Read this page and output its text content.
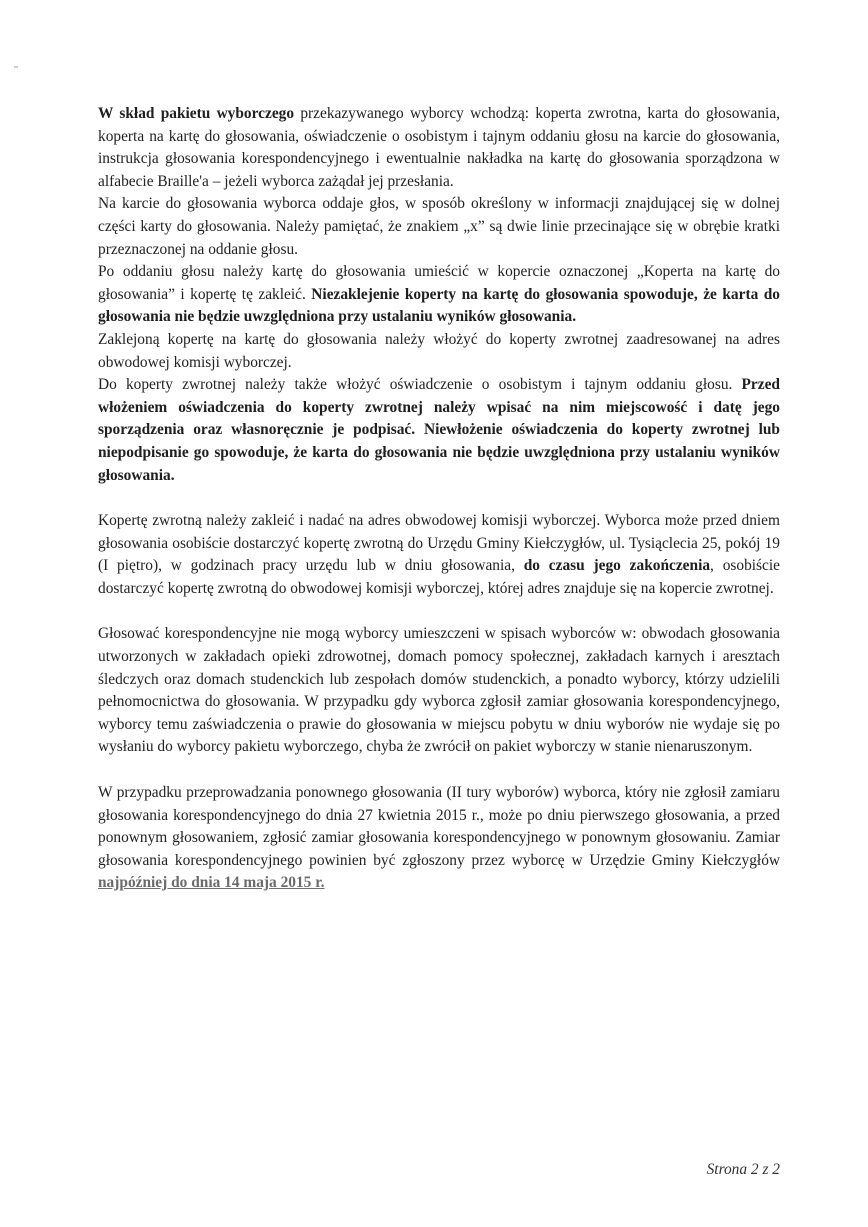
W skład pakietu wyborczego przekazywanego wyborcy wchodzą: koperta zwrotna, karta do głosowania, koperta na kartę do głosowania, oświadczenie o osobistym i tajnym oddaniu głosu na karcie do głosowania, instrukcja głosowania korespondencyjnego i ewentualnie nakładka na kartę do głosowania sporządzona w alfabecie Braille'a – jeżeli wyborca zażądał jej przesłania.

Na karcie do głosowania wyborca oddaje głos, w sposób określony w informacji znajdującej się w dolnej części karty do głosowania. Należy pamiętać, że znakiem „x” są dwie linie przecinające się w obrębie kratki przeznaczonej na oddanie głosu.

Po oddaniu głosu należy kartę do głosowania umieścić w kopercie oznaczonej „Koperta na kartę do głosowania” i kopertę tę zakleić. Niezaklejenie koperty na kartę do głosowania spowoduje, że karta do głosowania nie będzie uwzględniona przy ustalaniu wyników głosowania.

Zaklejoną kopertę na kartę do głosowania należy włożyć do koperty zwrotnej zaadresowanej na adres obwodowej komisji wyborczej.

Do koperty zwrotnej należy także włożyć oświadczenie o osobistym i tajnym oddaniu głosu. Przed włożeniem oświadczenia do koperty zwrotnej należy wpisać na nim miejscowość i datę jego sporządzenia oraz własnoręcznie je podpisać. Niewłożenie oświadczenia do koperty zwrotnej lub niepodpisanie go spowoduje, że karta do głosowania nie będzie uwzględniona przy ustalaniu wyników głosowania.

Kopertę zwrotną należy zakleić i nadać na adres obwodowej komisji wyborczej. Wyborca może przed dniem głosowania osobiście dostarczyć kopertę zwrotną do Urzędu Gminy Kiełczygłów, ul. Tysiąclecia 25, pokój 19 (I piętro), w godzinach pracy urzędu lub w dniu głosowania, do czasu jego zakończenia, osobiście dostarczyć kopertę zwrotną do obwodowej komisji wyborczej, której adres znajduje się na kopercie zwrotnej.

Głosować korespondencyjne nie mogą wyborcy umieszczeni w spisach wyborców w: obwodach głosowania utworzonych w zakładach opieki zdrowotnej, domach pomocy społecznej, zakładach karnych i aresztach śledczych oraz domach studenckich lub zespołach domów studenckich, a ponadto wyborcy, którzy udzielili pełnomocnictwa do głosowania. W przypadku gdy wyborca zgłosił zamiar głosowania korespondencyjnego, wyborcy temu zaświadczenia o prawie do głosowania w miejscu pobytu w dniu wyborów nie wydaje się po wysłaniu do wyborcy pakietu wyborczego, chyba że zwrócił on pakiet wyborczy w stanie nienaruszonym.

W przypadku przeprowadzania ponownego głosowania (II tury wyborów) wyborca, który nie zgłosił zamiaru głosowania korespondencyjnego do dnia 27 kwietnia 2015 r., może po dniu pierwszego głosowania, a przed ponownym głosowaniem, zgłosić zamiar głosowania korespondencyjnego w ponownym głosowaniu. Zamiar głosowania korespondencyjnego powinien być zgłoszony przez wyborcę w Urzędzie Gminy Kiełczygłów najpóźniej do dnia 14 maja 2015 r.

Strona 2 z 2
